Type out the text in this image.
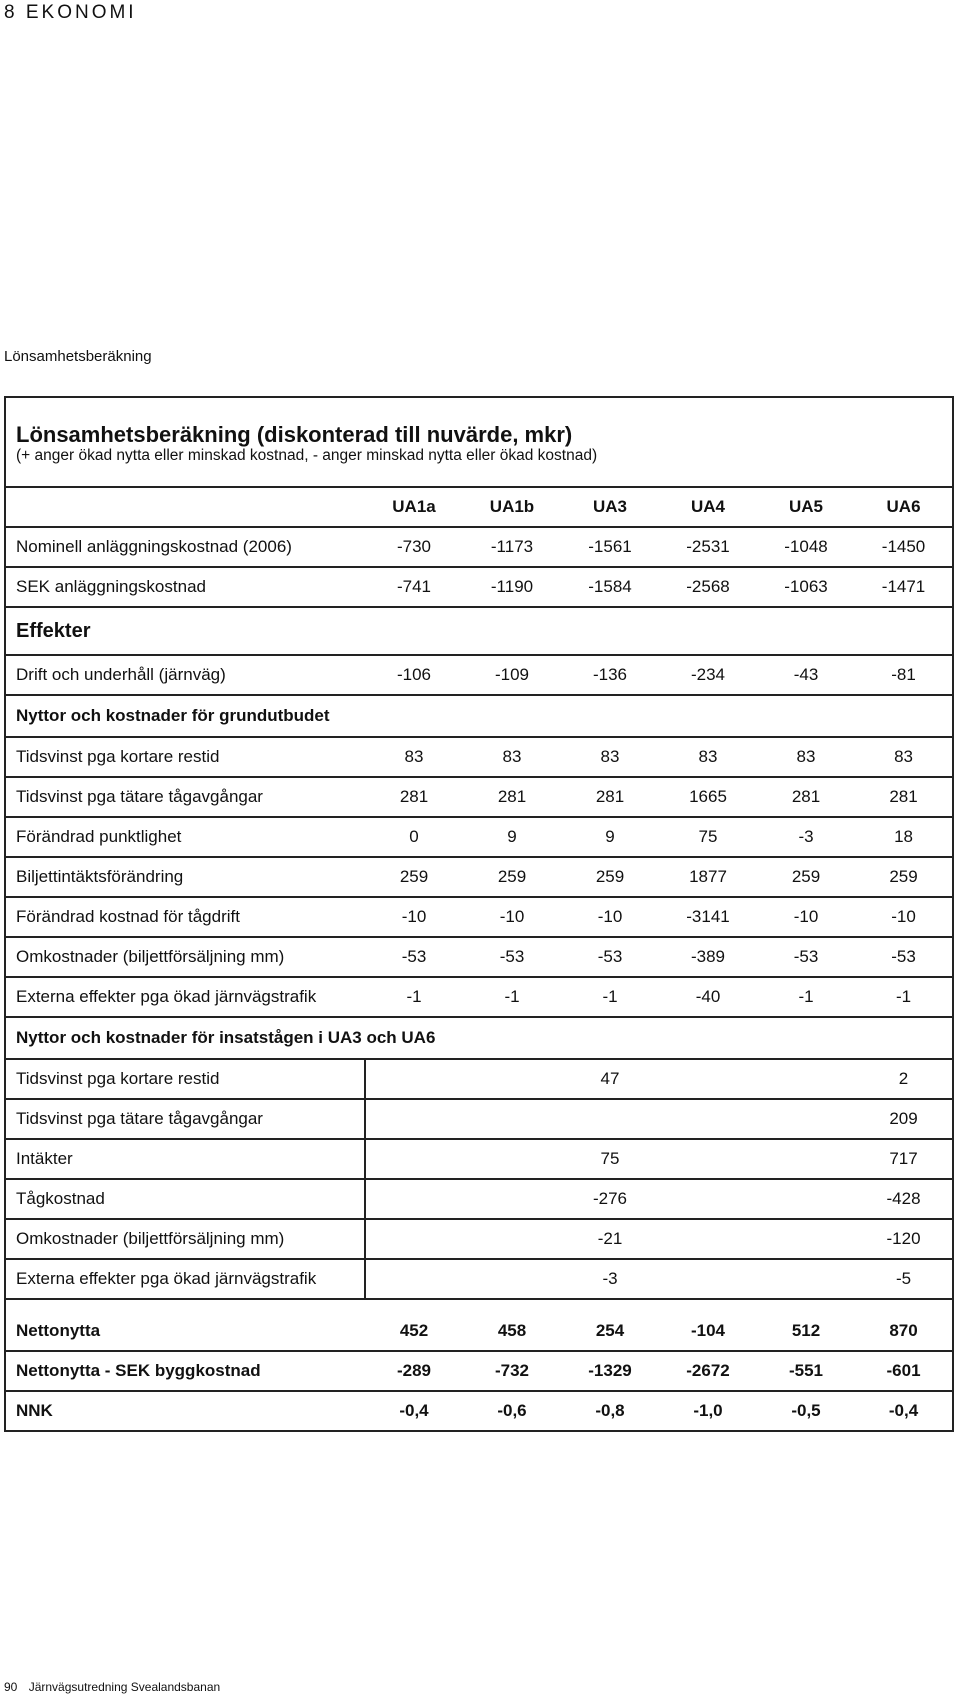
8 EKONOMI
Lönsamhetsberäkning
Lönsamhetsberäkning (diskonterad till nuvärde, mkr)
(+ anger ökad nytta eller minskad kostnad, - anger minskad nytta eller ökad kostnad)						

	UA1a	UA1b	UA3	UA4	UA5	UA6
Nominell anläggningskostnad (2006)	-730	-1173	-1561	-2531	-1048	-1450
SEK anläggningskostnad	-741	-1190	-1584	-2568	-1063	-1471
Effekter						
Drift och underhåll (järnväg)	-106	-109	-136	-234	-43	-81
Nyttor och kostnader för grundutbudet						
Tidsvinst pga kortare restid	83	83	83	83	83	83
Tidsvinst pga tätare tågavgångar	281	281	281	1665	281	281
Förändrad punktlighet	0	9	9	75	-3	18
Biljettintäktsförändring	259	259	259	1877	259	259
Förändrad kostnad för tågdrift	-10	-10	-10	-3141	-10	-10
Omkostnader (biljettförsäljning mm)	-53	-53	-53	-389	-53	-53
Externa effekter pga ökad järnvägstrafik	-1	-1	-1	-40	-1	-1
Nyttor och kostnader för insatstågen i UA3 och UA6						
Tidsvinst pga kortare restid			47			2
Tidsvinst pga tätare tågavgångar						209
Intäkter			75			717
Tågkostnad			-276			-428
Omkostnader (biljettförsäljning mm)			-21			-120
Externa effekter pga ökad järnvägstrafik			-3			-5

Nettonytta	452	458	254	-104	512	870
Nettonytta - SEK byggkostnad	-289	-732	-1329	-2672	-551	-601
NNK	-0,4	-0,6	-0,8	-1,0	-0,5	-0,4
90 Järnvägsutredning Svealandsbanan
